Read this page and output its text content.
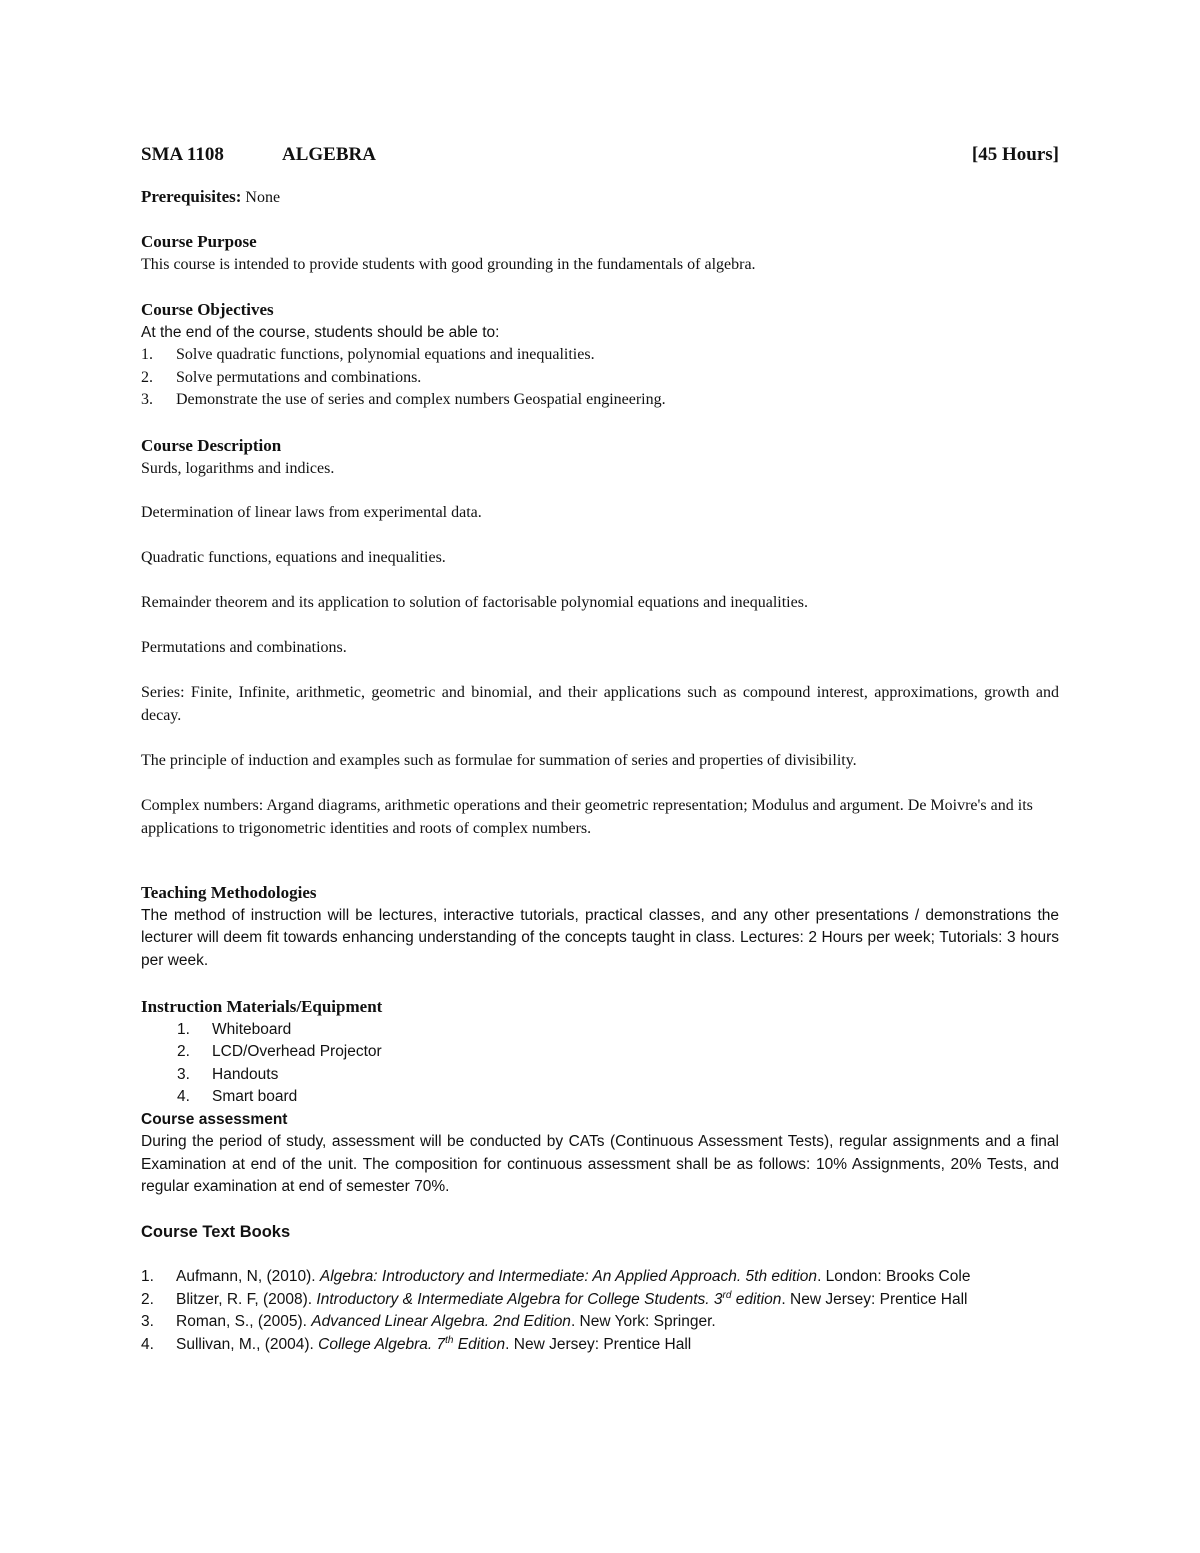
SMA 1108	ALGEBRA	[45 Hours]
Prerequisites: None
Course Purpose

This course is intended to provide students with good grounding in the fundamentals of algebra.

Course Objectives

At the end of the course, students should be able to:

1. Solve quadratic functions, polynomial equations and inequalities.
2. Solve permutations and combinations.
3. Demonstrate the use of series and complex numbers Geospatial engineering.
Course Description

Surds, logarithms and indices.

Determination of linear laws from experimental data.

Quadratic functions, equations and inequalities.

Remainder theorem and its application to solution of factorisable polynomial equations and inequalities.

Permutations and combinations.

Series: Finite, Infinite, arithmetic, geometric and binomial, and their applications such as compound interest, approximations, growth and decay.

The principle of induction and examples such as formulae for summation of series and properties of divisibility.

Complex numbers: Argand diagrams, arithmetic operations and their geometric representation; Modulus and argument. De Moivre's and its applications to trigonometric identities and roots of complex numbers.

Teaching Methodologies

The method of instruction will be lectures, interactive tutorials, practical classes, and any other presentations / demonstrations the lecturer will deem fit towards enhancing understanding of the concepts taught in class. Lectures: 2 Hours per week; Tutorials: 3 hours per week.

Instruction Materials/Equipment
1. Whiteboard
2. LCD/Overhead Projector
3. Handouts
4. Smart board
Course assessment

During the period of study, assessment will be conducted by CATs (Continuous Assessment Tests), regular assignments and a final Examination at end of the unit. The composition for continuous assessment shall be as follows: 10% Assignments, 20% Tests, and regular examination at end of semester 70%.

Course Text Books
1. Aufmann, N, (2010). Algebra: Introductory and Intermediate: An Applied Approach. 5th edition. London: Brooks Cole
2. Blitzer, R. F, (2008). Introductory & Intermediate Algebra for College Students. 3rd edition. New Jersey: Prentice Hall
3. Roman, S., (2005). Advanced Linear Algebra. 2nd Edition. New York: Springer.
4. Sullivan, M., (2004). College Algebra. 7th Edition. New Jersey: Prentice Hall
